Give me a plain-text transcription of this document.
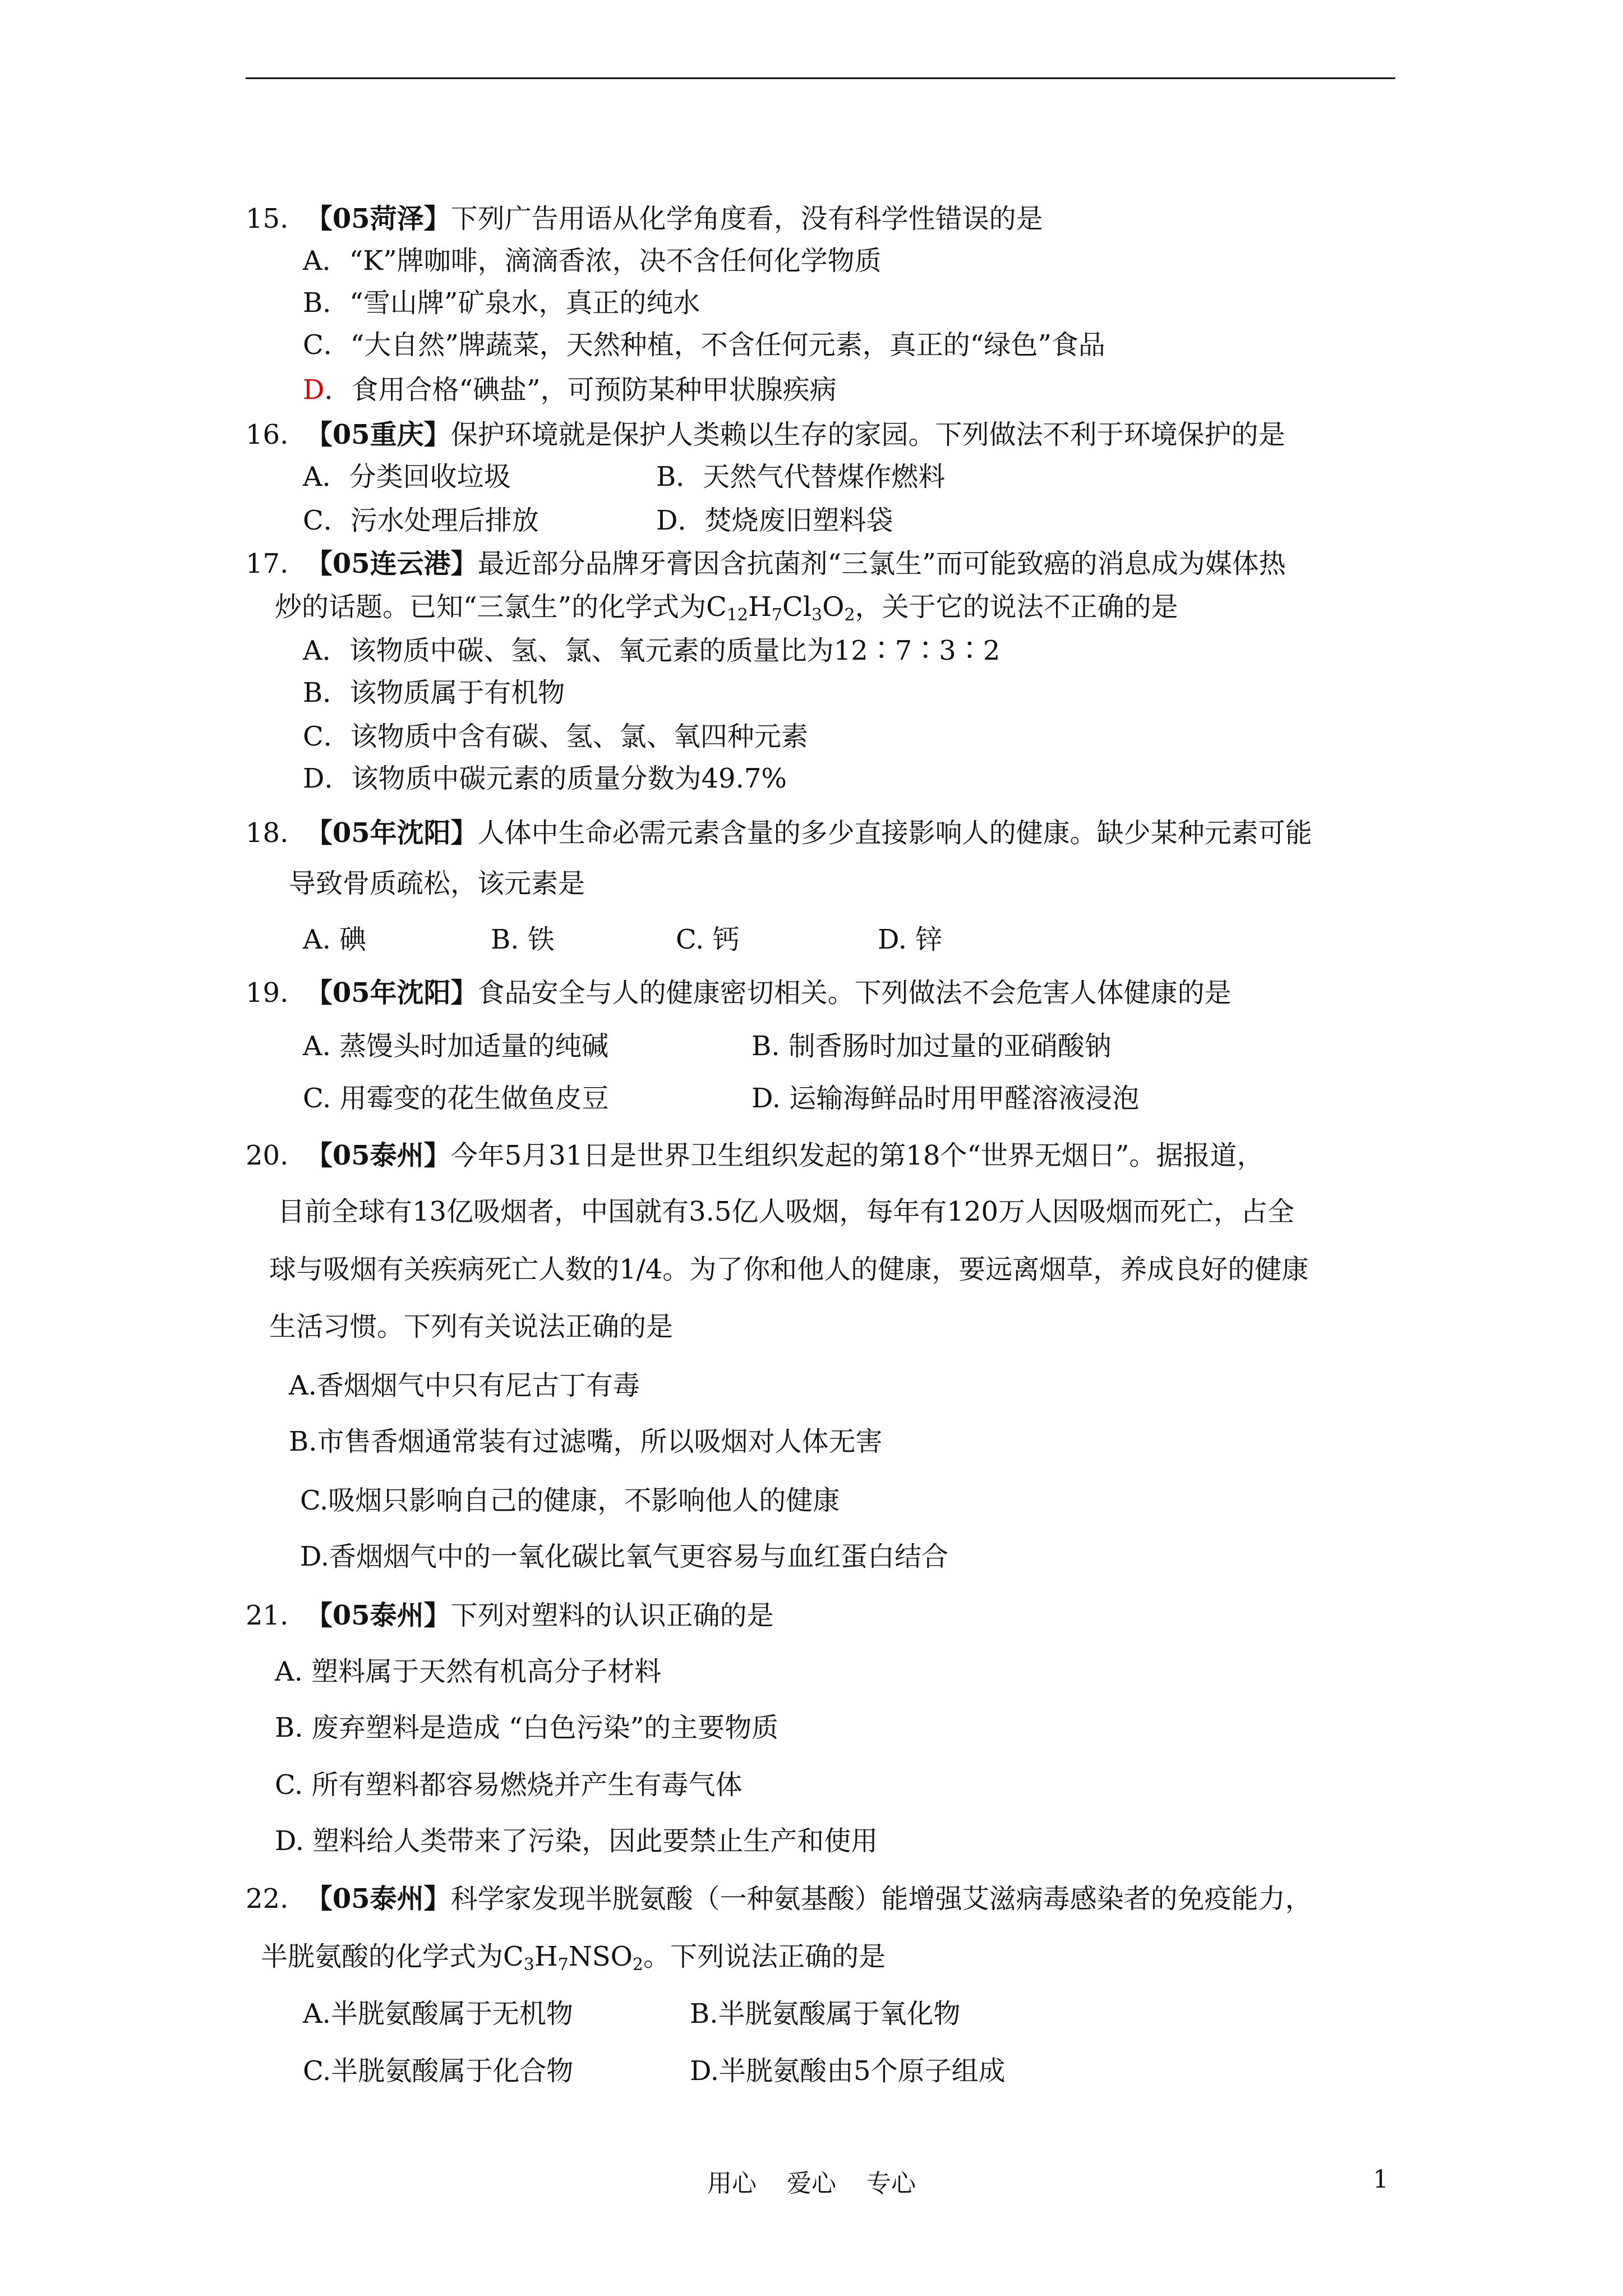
15. 【05菏泽】下列广告用语从化学角度看，没有科学性错误的是
A．“K”牌咖啡，滴滴香浓，决不含任何化学物质
B．“雪山牌”矿泉水，真正的纯水
C．“大自然”牌蔬菜，天然种植，不含任何元素，真正的“绿色”食品
D．食用合格“碘盐”，可预防某种甲状腺疾病
16. 【05重庆】保护环境就是保护人类赖以生存的家园。下列做法不利于环境保护的是
A．分类回收垃圾	B．天然气代替煤作燃料
C．污水处理后排放	D．焚烧废旧塑料袋
17. 【05连云港】最近部分品牌牙膏因含抗菌剂“三氯生”而可能致癌的消息成为媒体热
炒的话题。已知“三氯生”的化学式为$C_{12}H_7Cl_3O_2$，关于它的说法不正确的是
A．该物质中碳、氢、氯、氧元素的质量比为12∶7∶3∶2
B．该物质属于有机物
C．该物质中含有碳、氢、氯、氧四种元素
D．该物质中碳元素的质量分数为49.7%
18. 【05年沈阳】人体中生命必需元素含量的多少直接影响人的健康。缺少某种元素可能
导致骨质疏松，该元素是
A. 碘	B. 铁	C. 钙	D. 锌
19. 【05年沈阳】食品安全与人的健康密切相关。下列做法不会危害人体健康的是
A. 蒸馒头时加适量的纯碱	B. 制香肠时加过量的亚硝酸钠
C. 用霉变的花生做鱼皮豆	D. 运输海鲜品时用甲醛溶液浸泡
20. 【05泰州】今年5月31日是世界卫生组织发起的第18个“世界无烟日”。据报道，
目前全球有13亿吸烟者，中国就有3.5亿人吸烟，每年有120万人因吸烟而死亡，占全
球与吸烟有关疾病死亡人数的1/4。为了你和他人的健康，要远离烟草，养成良好的健康
生活习惯。下列有关说法正确的是
A.香烟烟气中只有尼古丁有毒
B.市售香烟通常装有过滤嘴，所以吸烟对人体无害
C.吸烟只影响自己的健康，不影响他人的健康
D.香烟烟气中的一氧化碳比氧气更容易与血红蛋白结合
21. 【05泰州】下列对塑料的认识正确的是
A. 塑料属于天然有机高分子材料
B. 废弃塑料是造成 “白色污染”的主要物质
C. 所有塑料都容易燃烧并产生有毒气体
D. 塑料给人类带来了污染，因此要禁止生产和使用
22. 【05泰州】科学家发现半胱氨酸（一种氨基酸）能增强艾滋病毒感染者的免疫能力，
半胱氨酸的化学式为$C_3H_7NSO_2$。下列说法正确的是
A.半胱氨酸属于无机物	B.半胱氨酸属于氧化物
C.半胱氨酸属于化合物	D.半胱氨酸由5个原子组成
用心 爱心 专心	1
